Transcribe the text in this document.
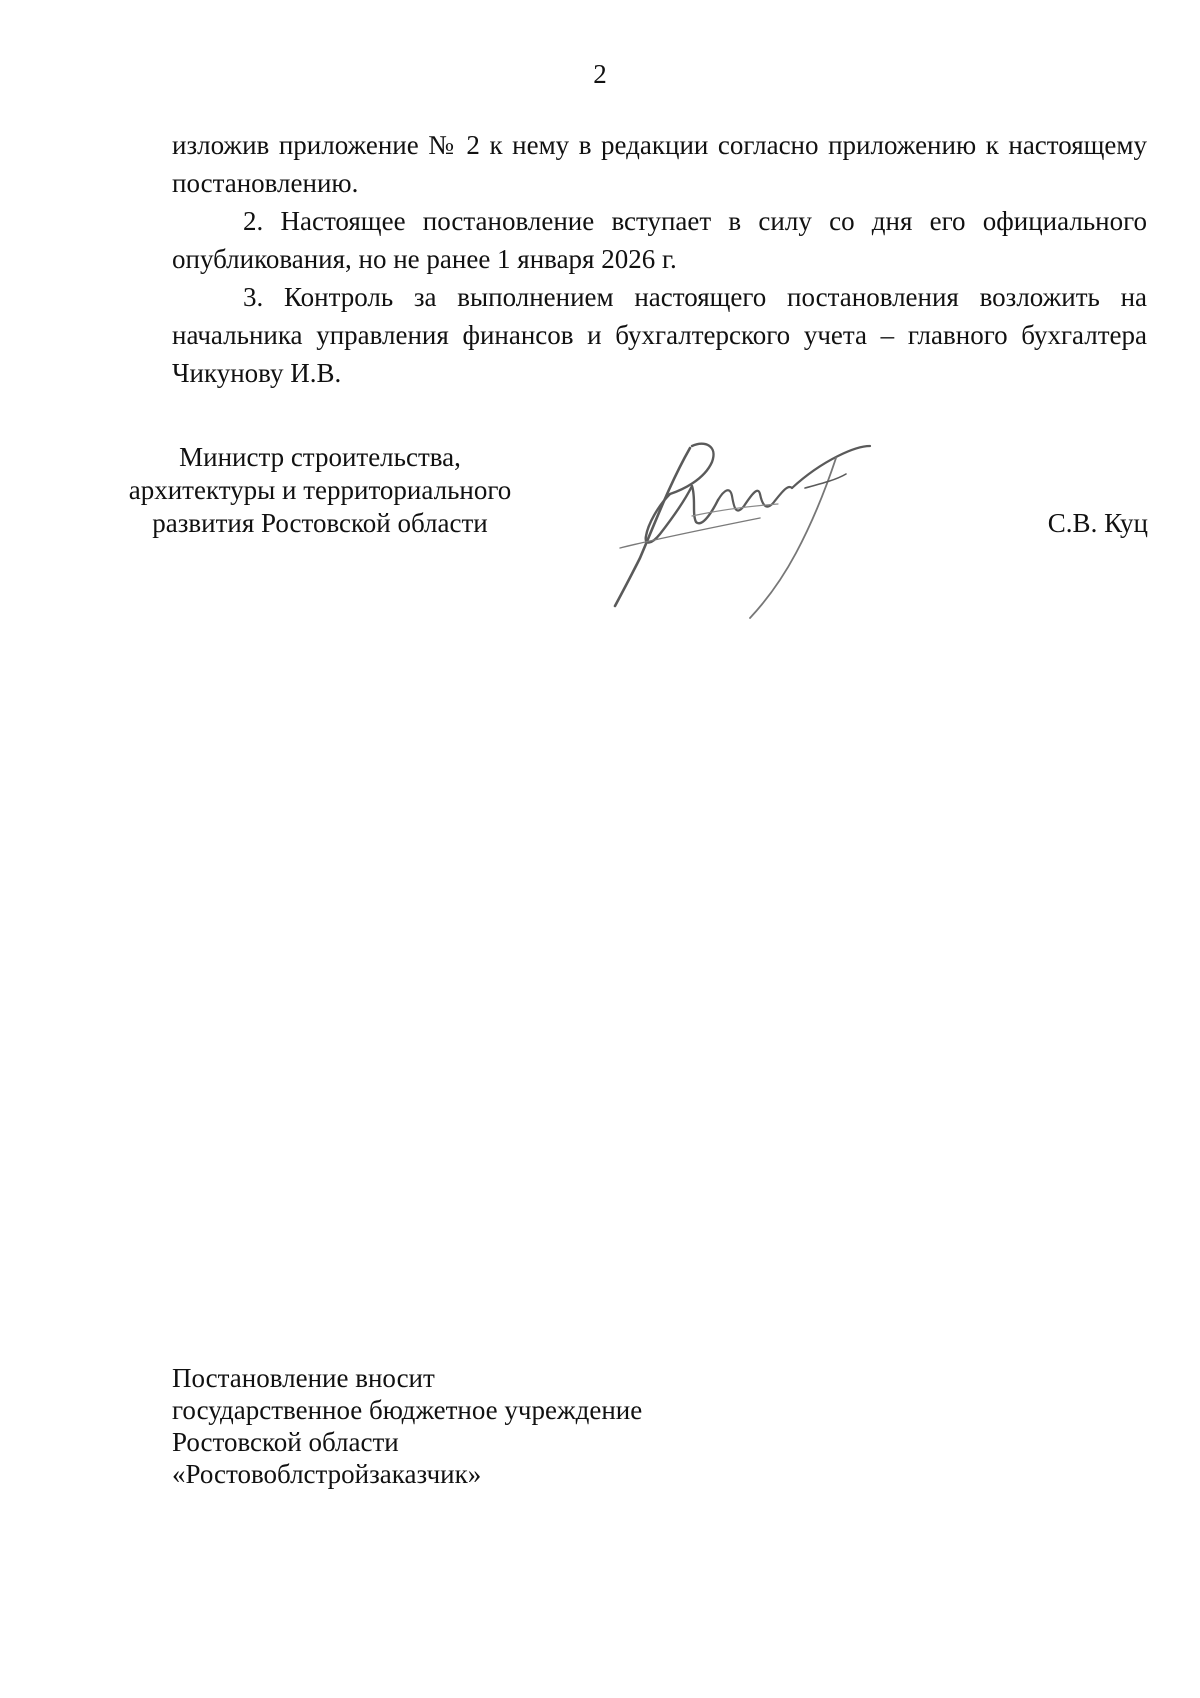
2

изложив приложение № 2 к нему в редакции согласно приложению к настоящему постановлению.

2. Настоящее постановление вступает в силу со дня его официального опубликования, но не ранее 1 января 2026 г.

3. Контроль за выполнением настоящего постановления возложить на начальника управления финансов и бухгалтерского учета – главного бухгалтера Чикунову И.В.

Министр строительства,
архитектуры и территориального
развития Ростовской области	С.В. Куц
Постановление вносит
государственное бюджетное учреждение
Ростовской области
«Ростовоблстройзаказчик»
